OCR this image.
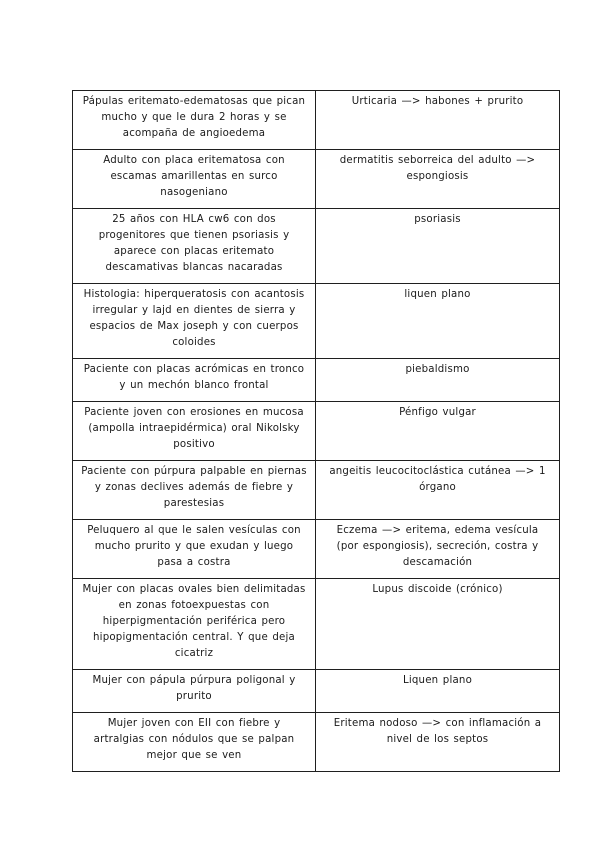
Pápulas eritemato-edematosas que pican mucho y que le dura 2 horas y se acompaña de angioedema	Urticaria —> habones + prurito
Adulto con placa eritematosa con escamas amarillentas en surco nasogeniano	dermatitis seborreica del adulto —> espongiosis
25 años con HLA cw6 con dos progenitores que tienen psoriasis y aparece con placas eritemato descamativas blancas nacaradas	psoriasis
Histologia: hiperqueratosis con acantosis irregular y lajd en dientes de sierra y espacios de Max joseph y con cuerpos coloides	liquen plano
Paciente con placas acrómicas en tronco y un mechón blanco frontal	piebaldismo
Paciente joven con erosiones en mucosa (ampolla intraepidérmica) oral Nikolsky positivo	Pénfigo vulgar
Paciente con púrpura palpable en piernas y zonas declives además de fiebre y parestesias	angeitis leucocitoclástica cutánea —> 1 órgano
Peluquero al que le salen vesículas con mucho prurito y que exudan y luego pasa a costra	Eczema —> eritema, edema vesícula (por espongiosis), secreción, costra y descamación
Mujer con placas ovales bien delimitadas en zonas fotoexpuestas con hiperpigmentación periférica pero hipopigmentación central. Y que deja cicatriz	Lupus discoide (crónico)
Mujer con pápula púrpura poligonal y prurito	Liquen plano
Mujer joven con EII con fiebre y artralgias con nódulos que se palpan mejor que se ven	Eritema nodoso —> con inflamación a nivel de los septos
